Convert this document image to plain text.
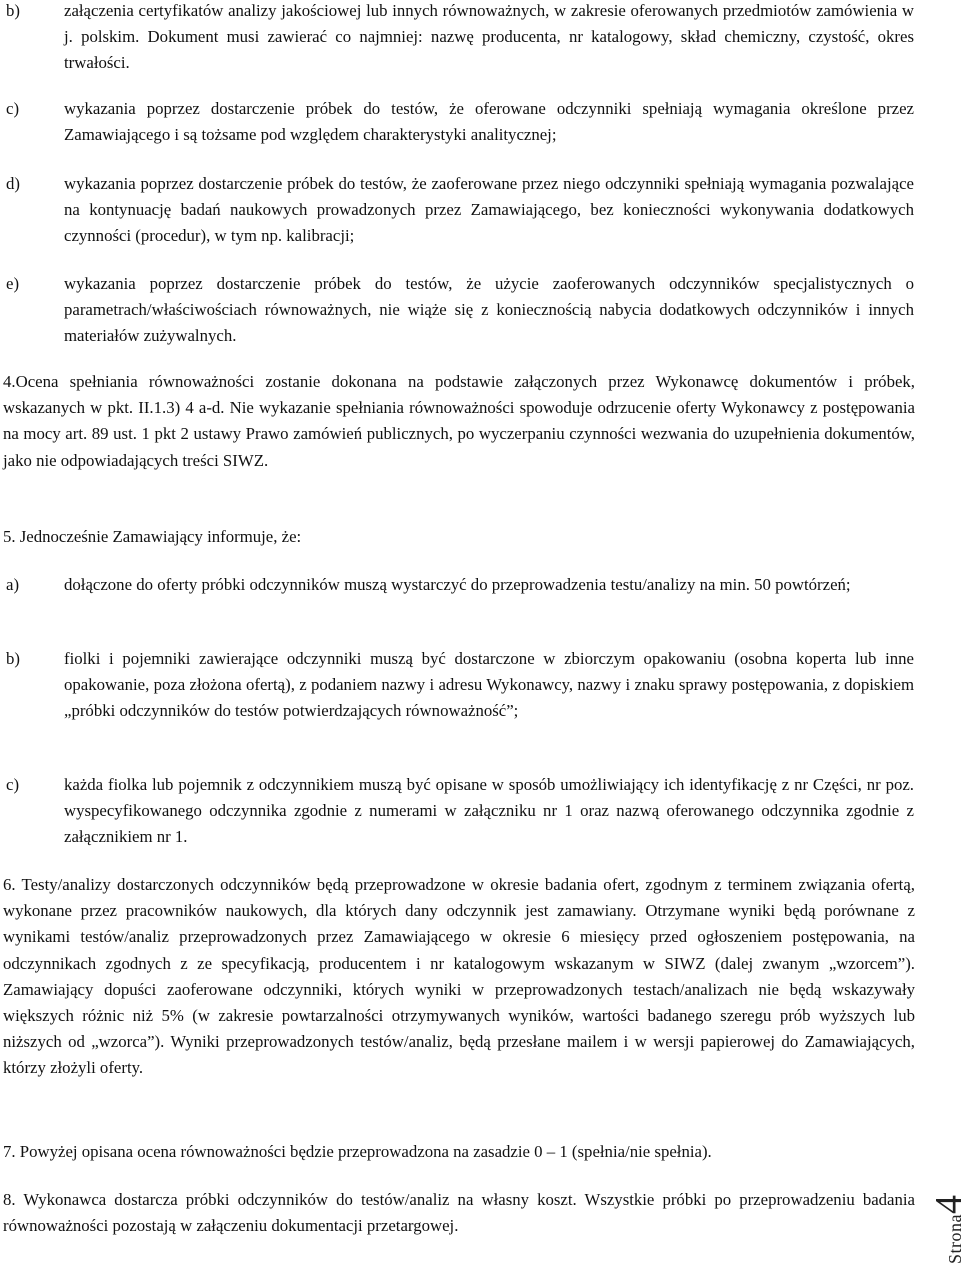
b)	załączenia certyfikatów analizy jakościowej lub innych równoważnych, w zakresie oferowanych przedmiotów zamówienia w j. polskim. Dokument musi zawierać co najmniej: nazwę producenta, nr katalogowy, skład chemiczny, czystość, okres trwałości.
c)	wykazania poprzez dostarczenie próbek do testów, że oferowane odczynniki spełniają wymagania określone przez Zamawiającego i są tożsame pod względem charakterystyki analitycznej;
d)	wykazania poprzez dostarczenie próbek do testów, że zaoferowane przez niego odczynniki spełniają wymagania pozwalające na kontynuację badań naukowych prowadzonych przez Zamawiającego, bez konieczności wykonywania dodatkowych czynności (procedur), w tym np. kalibracji;
e)	wykazania poprzez dostarczenie próbek do testów, że użycie zaoferowanych odczynników specjalistycznych o parametrach/właściwościach równoważnych, nie wiąże się z koniecznością nabycia dodatkowych odczynników i innych materiałów zużywalnych.
4.Ocena spełniania równoważności zostanie dokonana na podstawie załączonych przez Wykonawcę dokumentów i próbek, wskazanych w pkt. II.1.3) 4 a-d. Nie wykazanie spełniania równoważności spowoduje odrzucenie oferty Wykonawcy z postępowania na mocy art. 89 ust. 1 pkt 2 ustawy Prawo zamówień publicznych, po wyczerpaniu czynności wezwania do uzupełnienia dokumentów, jako nie odpowiadających treści SIWZ.
5. Jednocześnie Zamawiający informuje, że:
a)	dołączone do oferty próbki odczynników muszą wystarczyć do przeprowadzenia testu/analizy na min. 50 powtórzeń;
b)	fiolki i pojemniki zawierające odczynniki muszą być dostarczone w zbiorczym opakowaniu (osobna koperta lub inne opakowanie, poza złożona ofertą), z podaniem nazwy i adresu Wykonawcy, nazwy i znaku sprawy postępowania, z dopiskiem „próbki odczynników do testów potwierdzających równoważność”;
c)	każda fiolka lub pojemnik z odczynnikiem muszą być opisane w sposób umożliwiający ich identyfikację z nr Części, nr poz. wyspecyfikowanego odczynnika zgodnie z numerami w załączniku nr 1 oraz nazwą oferowanego odczynnika zgodnie z załącznikiem nr 1.
6. Testy/analizy dostarczonych odczynników będą przeprowadzone w okresie badania ofert, zgodnym z terminem związania ofertą, wykonane przez pracowników naukowych, dla których dany odczynnik jest zamawiany. Otrzymane wyniki będą porównane z wynikami testów/analiz przeprowadzonych przez Zamawiającego w okresie 6 miesięcy przed ogłoszeniem postępowania, na odczynnikach zgodnych z ze specyfikacją, producentem i nr katalogowym wskazanym w SIWZ (dalej zwanym „wzorcem”). Zamawiający dopuści zaoferowane odczynniki, których wyniki w przeprowadzonych testach/analizach nie będą wskazywały większych różnic niż 5% (w zakresie powtarzalności otrzymywanych wyników, wartości badanego szeregu prób wyższych lub niższych od „wzorca”). Wyniki przeprowadzonych testów/analiz, będą przesłane mailem i w wersji papierowej do Zamawiających, którzy złożyli oferty.
7. Powyżej opisana ocena równoważności będzie przeprowadzona na zasadzie 0 – 1 (spełnia/nie spełnia).
8. Wykonawca dostarcza próbki odczynników do testów/analiz na własny koszt. Wszystkie próbki po przeprowadzeniu badania równoważności pozostają w załączeniu dokumentacji przetargowej.	Strona4
